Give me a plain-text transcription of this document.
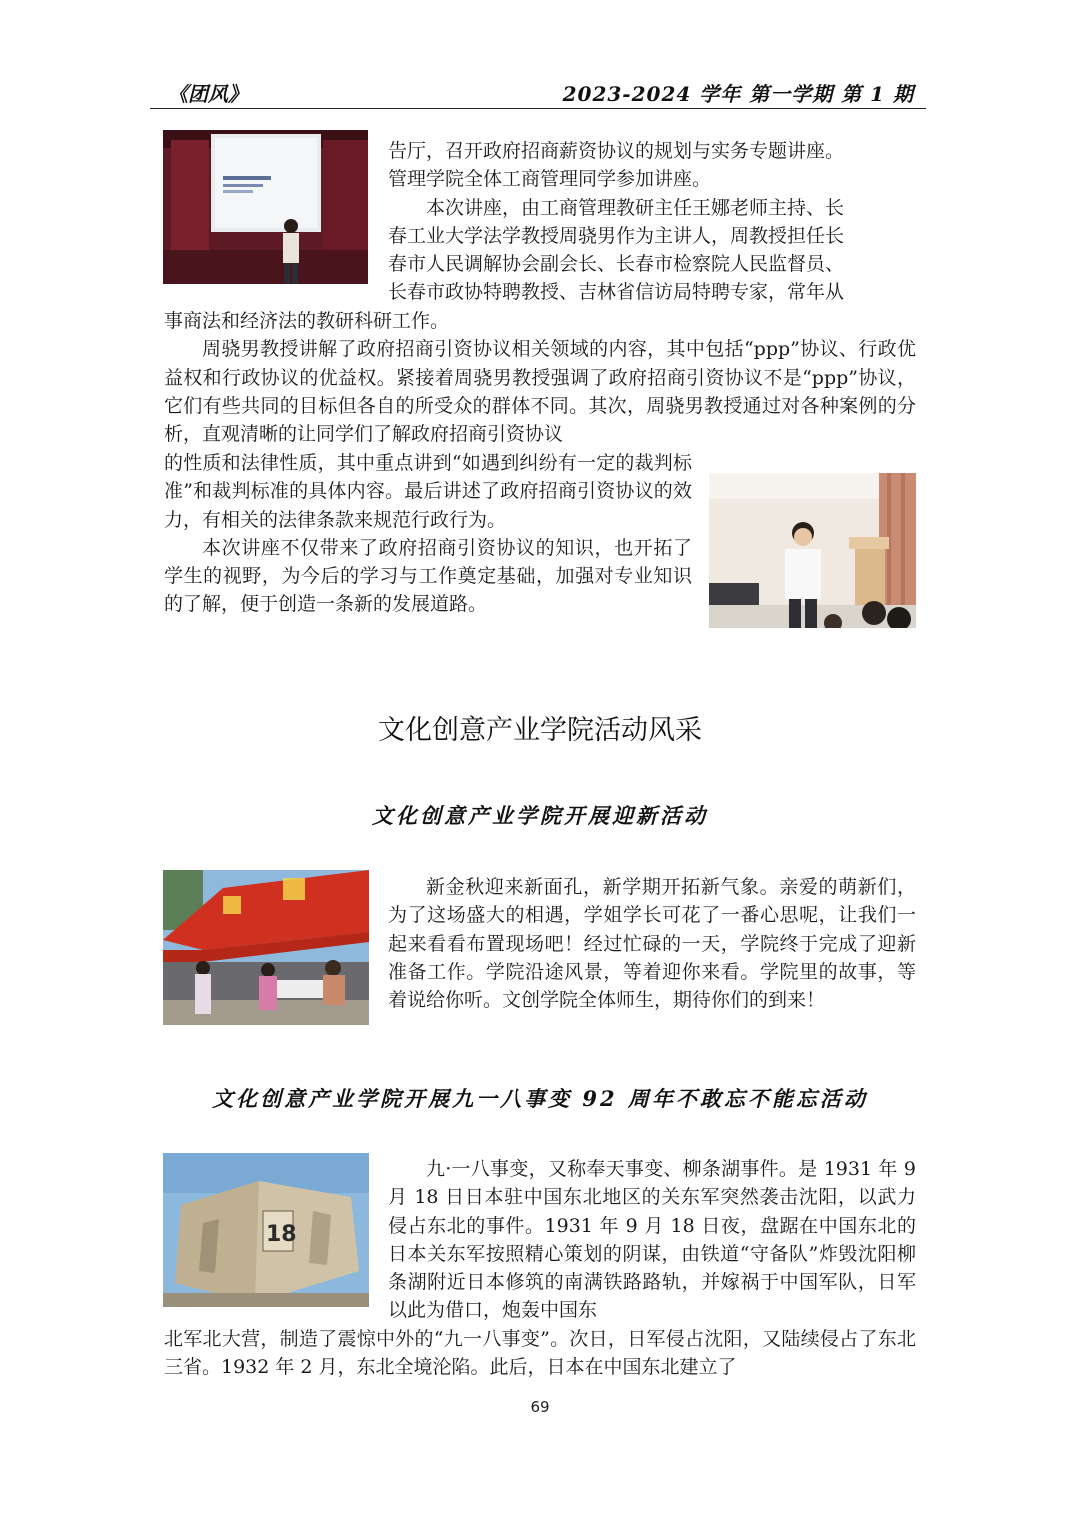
《团风》	2023-2024 学年 第一学期 第 1 期

告厅，召开政府招商薪资协议的规划与实务专题讲座。

管理学院全体工商管理同学参加讲座。

本次讲座，由工商管理教研主任王娜老师主持、长

春工业大学法学教授周骁男作为主讲人，周教授担任长

春市人民调解协会副会长、长春市检察院人民监督员、

长春市政协特聘教授、吉林省信访局特聘专家，常年从

事商法和经济法的教研科研工作。

周骁男教授讲解了政府招商引资协议相关领域的内容，其中包括“ppp”协议、行政优益权和行政协议的优益权。紧接着周骁男教授强调了政府招商引资协议不是“ppp”协议，它们有些共同的目标但各自的所受众的群体不同。其次，周骁男教授通过对各种案例的分析，直观清晰的让同学们了解政府招商引资协议

的性质和法律性质，其中重点讲到“如遇到纠纷有一定的裁判标准”和裁判标准的具体内容。最后讲述了政府招商引资协议的效力，有相关的法律条款来规范行政行为。

本次讲座不仅带来了政府招商引资协议的知识，也开拓了学生的视野，为今后的学习与工作奠定基础，加强对专业知识的了解，便于创造一条新的发展道路。

文化创意产业学院活动风采
文化创意产业学院开展迎新活动
新金秋迎来新面孔，新学期开拓新气象。亲爱的萌新们，为了这场盛大的相遇，学姐学长可花了一番心思呢，让我们一起来看看布置现场吧！经过忙碌的一天，学院终于完成了迎新准备工作。学院沿途风景，等着迎你来看。学院里的故事，等着说给你听。文创学院全体师生，期待你们的到来！
文化创意产业学院开展九一八事变 92 周年不敢忘不能忘活动
18
九·一八事变，又称奉天事变、柳条湖事件。是 1931 年 9 月 18 日日本驻中国东北地区的关东军突然袭击沈阳，以武力侵占东北的事件。1931 年 9 月 18 日夜，盘踞在中国东北的日本关东军按照精心策划的阴谋，由铁道“守备队”炸毁沈阳柳条湖附近日本修筑的南满铁路路轨，并嫁祸于中国军队，日军以此为借口，炮轰中国东
北军北大营，制造了震惊中外的“九一八事变”。次日，日军侵占沈阳，又陆续侵占了东北三省。1932 年 2 月，东北全境沦陷。此后，日本在中国东北建立了
69
